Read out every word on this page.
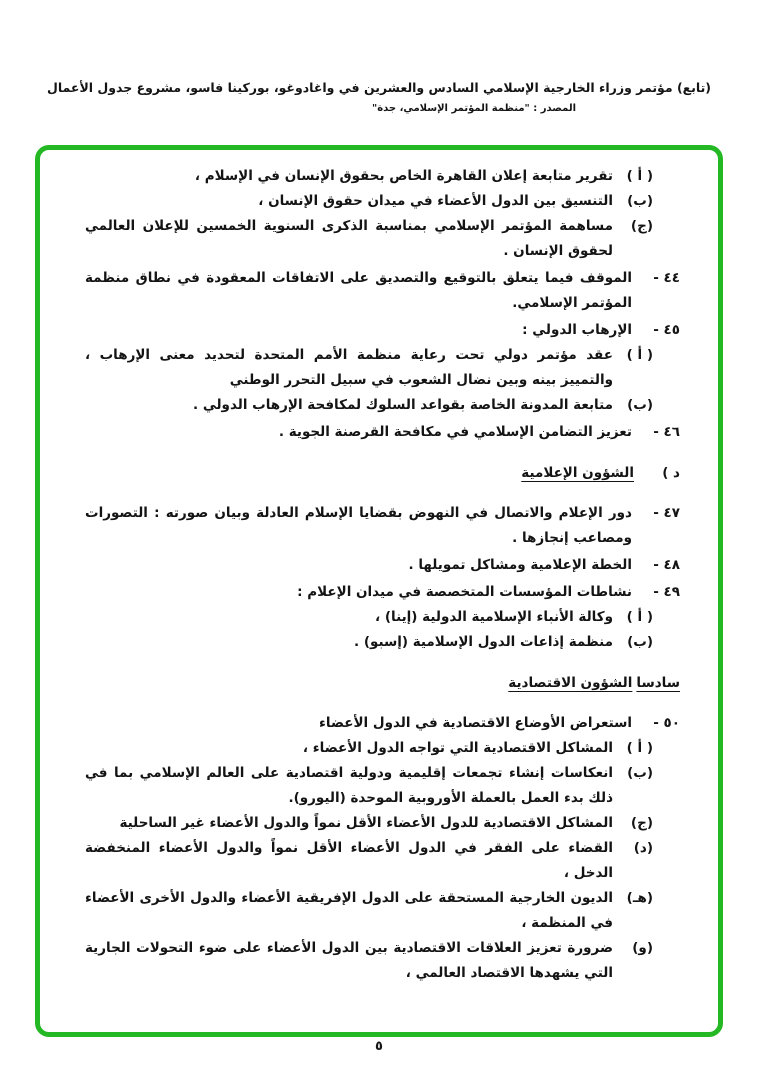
(تابع) مؤتمر وزراء الخارجية الإسلامي السادس والعشرين في واغادوغو، بوركينا فاسو، مشروع جدول الأعمال
المصدر : "منظمة المؤتمر الإسلامي، جدة"
( أ )
تقرير متابعة إعلان القاهرة الخاص بحقوق الإنسان في الإسلام ،
(ب)
التنسيق بين الدول الأعضاء في ميدان حقوق الإنسان ،
(ج)
مساهمة المؤتمر الإسلامي بمناسبة الذكرى السنوية الخمسين للإعلان العالمي لحقوق الإنسان .
٤٤ -
الموقف فيما يتعلق بالتوقيع والتصديق على الاتفاقات المعقودة في نطاق منظمة المؤتمر الإسلامي.
٤٥ -
الإرهاب الدولي :
( أ )
عقد مؤتمر دولي تحت رعاية منظمة الأمم المتحدة لتحديد معنى الإرهاب ، والتمييز بينه وبين نضال الشعوب في سبيل التحرر الوطني
(ب)
متابعة المدونة الخاصة بقواعد السلوك لمكافحة الإرهاب الدولي .
٤٦ -
تعزيز التضامن الإسلامي في مكافحة القرصنة الجوية .
د )
الشؤون الإعلامية
٤٧ -
دور الإعلام والاتصال في النهوض بقضايا الإسلام العادلة وبيان صورته : التصورات ومصاعب إنجازها .
٤٨ -
الخطة الإعلامية ومشاكل تمويلها .
٤٩ -
نشاطات المؤسسات المتخصصة في ميدان الإعلام :
( أ )
وكالة الأنباء الإسلامية الدولية (إينا) ،
(ب)
منظمة إذاعات الدول الإسلامية (إسبو) .
سادسا
الشؤون الاقتصادية
٥٠ -
استعراض الأوضاع الاقتصادية في الدول الأعضاء
( أ )
المشاكل الاقتصادية التي تواجه الدول الأعضاء ،
(ب)
انعكاسات إنشاء تجمعات إقليمية ودولية اقتصادية على العالم الإسلامي بما في ذلك بدء العمل بالعملة الأوروبية الموحدة (اليورو).
(ج)
المشاكل الاقتصادية للدول الأعضاء الأقل نمواً والدول الأعضاء غير الساحلية
(د)
القضاء على الفقر في الدول الأعضاء الأقل نمواً والدول الأعضاء المنخفضة الدخل ،
(هـ)
الديون الخارجية المستحقة على الدول الإفريقية الأعضاء والدول الأخرى الأعضاء في المنظمة ،
(و)
ضرورة تعزيز العلاقات الاقتصادية بين الدول الأعضاء على ضوء التحولات الجارية التي يشهدها الاقتصاد العالمي ،
٥
